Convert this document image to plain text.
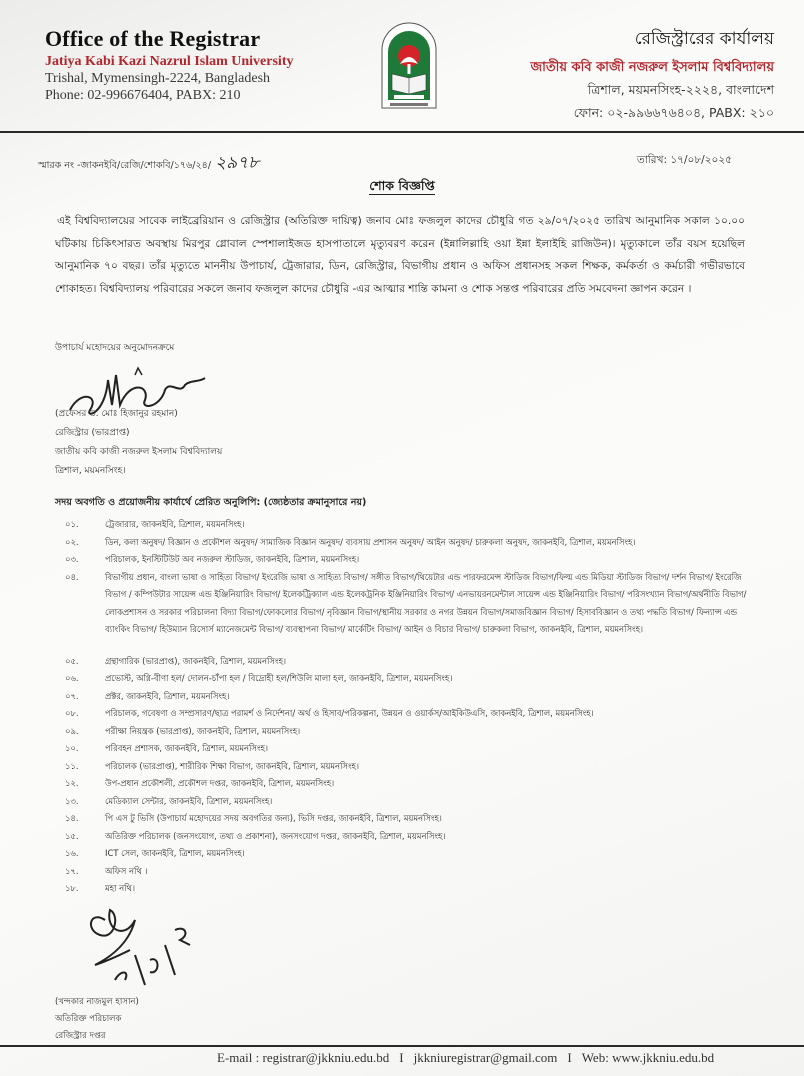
Office of the Registrar
Jatiya Kabi Kazi Nazrul Islam University
Trishal, Mymensingh-2224, Bangladesh
Phone: 02-996676404, PABX: 210
রেজিস্ট্রারের কার্যালয়
জাতীয় কবি কাজী নজরুল ইসলাম বিশ্ববিদ্যালয়
ত্রিশাল, ময়মনসিংহ-২২২৪, বাংলাদেশ
ফোন: ০২-৯৯৬৬৭৬৪০৪, PABX: ২১০
স্মারক নং -জাকনইবি/রেজি/শোকবি/১৭৬/২৪/ ২৯৭৮	তারিখ: ১৭/০৮/২০২৫
শোক বিজ্ঞপ্তি
এই বিশ্ববিদ্যালয়ের সাবেক লাইব্রেরিয়ান ও রেজিস্ট্রার (অতিরিক্ত দায়িত্ব) জনাব মোঃ ফজলুল কাদের চৌধুরি গত ২৯/০৭/২০২৫ তারিখ আনুমানিক সকাল ১০.০০ ঘটিকায় চিকিৎসারত অবস্থায় মিরপুর গ্লোবাল স্পেশালাইজড হাসপাতালে মৃত্যুবরণ করেন (ইন্নালিল্লাহি ওয়া ইন্না ইলাইহি রাজিউন)। মৃত্যুকালে তাঁর বয়স হয়েছিল আনুমানিক ৭০ বছর। তাঁর মৃত্যুতে মাননীয় উপাচার্য, ট্রেজারার, ডিন, রেজিস্ট্রার, বিভাগীয় প্রধান ও অফিস প্রধানসহ সকল শিক্ষক, কর্মকর্তা ও কর্মচারী গভীরভাবে শোকাহত। বিশ্ববিদ্যালয় পরিবারের সকলে জনাব ফজলুল কাদের চৌধুরি -এর আত্মার শান্তি কামনা ও শোক সন্তপ্ত পরিবারের প্রতি সমবেদনা জ্ঞাপন করেন ।
উপাচার্য মহোদয়ের অনুমোদনক্রমে
(প্রফেসর ড. মোঃ হিজানুর রহমান)
রেজিস্ট্রার (ভারপ্রাপ্ত)
জাতীয় কবি কাজী নজরুল ইসলাম বিশ্ববিদ্যালয়
ত্রিশাল, ময়মনসিংহ।
সদয় অবগতি ও প্রয়োজনীয় কার্যার্থে প্রেরিত অনুলিপি: (জ্যেষ্ঠতার ক্রমানুসারে নয়)
০১.	ট্রেজারার, জাকনইবি, ত্রিশাল, ময়মনসিংহ।
০২.	ডিন, কলা অনুষদ/ বিজ্ঞান ও প্রকৌশল অনুষদ/ সামাজিক বিজ্ঞান অনুষদ/ ব্যবসায় প্রশাসন অনুষদ/ আইন অনুষদ/ চারুকলা অনুষদ, জাকনইবি, ত্রিশাল, ময়মনসিংহ।
০৩.	পরিচালক, ইনস্টিটিউট অব নজরুল স্টাডিজ, জাকনইবি, ত্রিশাল, ময়মনসিংহ।
০৪.	বিভাগীয় প্রধান, বাংলা ভাষা ও সাহিত্য বিভাগ/ ইংরেজি ভাষা ও সাহিত্য বিভাগ/ সঙ্গীত বিভাগ/থিয়েটার এন্ড পারফরমেন্স স্টাডিজ বিভাগ/ফিল্ম এন্ড মিডিয়া স্টাডিজ বিভাগ/ দর্শন বিভাগ/ ইংরেজি বিভাগ / কম্পিউটার সায়েন্স এন্ড ইঞ্জিনিয়ারিং বিভাগ/ ইলেকট্রিক্যাল এন্ড ইলেকট্রনিক ইঞ্জিনিয়ারিং বিভাগ/ এনভায়রনমেন্টাল সায়েন্স এন্ড ইঞ্জিনিয়ারিং বিভাগ/ পরিসংখ্যান বিভাগ/অর্থনীতি বিভাগ/ লোকপ্রশাসন ও সরকার পরিচালনা বিদ্যা বিভাগ/ফোকলোর বিভাগ/ নৃবিজ্ঞান বিভাগ/স্থানীয় সরকার ও নগর উন্নয়ন বিভাগ/সমাজবিজ্ঞান বিভাগ/ হিসাববিজ্ঞান ও তথ্য পদ্ধতি বিভাগ/ ফিন্যান্স এন্ড ব্যাংকিং বিভাগ/ হিউম্যান রিসোর্স ম্যানেজমেন্ট বিভাগ/ ব্যবস্থাপনা বিভাগ/ মার্কেটিং বিভাগ/ আইন ও বিচার বিভাগ/ চারুকলা বিভাগ, জাকনইবি, ত্রিশাল, ময়মনসিংহ।
০৫.	গ্রন্থাগারিক (ভারপ্রাপ্ত), জাকনইবি, ত্রিশাল, ময়মনসিংহ।
০৬.	প্রভোস্ট, অগ্নি-বীণা হল/ দোলন-চাঁপা হল / বিদ্রোহী হল/শিউলি মালা হল, জাকনইবি, ত্রিশাল, ময়মনসিংহ।
০৭.	প্রক্টর, জাকনইবি, ত্রিশাল, ময়মনসিংহ।
০৮.	পরিচালক, গবেষণা ও সম্প্রসারণ/ছাত্র পরামর্শ ও নির্দেশনা/ অর্থ ও হিসাব/পরিকল্পনা, উন্নয়ন ও ওয়ার্কস/আইকিউএসি, জাকনইবি, ত্রিশাল, ময়মনসিংহ।
০৯.	পরীক্ষা নিয়ন্ত্রক (ভারপ্রাপ্ত), জাকনইবি, ত্রিশাল, ময়মনসিংহ।
১০.	পরিবহন প্রশাসক, জাকনইবি, ত্রিশাল, ময়মনসিংহ।
১১.	পরিচালক (ভারপ্রাপ্ত), শারীরিক শিক্ষা বিভাগ, জাকনইবি, ত্রিশাল, ময়মনসিংহ।
১২.	উপ-প্রধান প্রকৌশলী, প্রকৌশল দপ্তর, জাকনইবি, ত্রিশাল, ময়মনসিংহ।
১৩.	মেডিক্যাল সেন্টার, জাকনইবি, ত্রিশাল, ময়মনসিংহ।
১৪.	পি এস টু ভিসি (উপাচার্য মহোদয়ের সদয় অবগতির জন্য), ভিসি দপ্তর, জাকনইবি, ত্রিশাল, ময়মনসিংহ।
১৫.	অতিরিক্ত পরিচালক (জনসংযোগ, তথ্য ও প্রকাশনা), জনসংযোগ দপ্তর, জাকনইবি, ত্রিশাল, ময়মনসিংহ।
১৬.	ICT সেল, জাকনইবি, ত্রিশাল, ময়মনসিংহ।
১৭.	অফিস নথি ।
১৮.	মহা নথি।
(খন্দকার নাজমুল হাসান)
অতিরিক্ত পরিচালক
রেজিস্ট্রার দপ্তর
E-mail : registrar@jkkniu.edu.bd I jkkniuregistrar@gmail.com I Web: www.jkkniu.edu.bd
